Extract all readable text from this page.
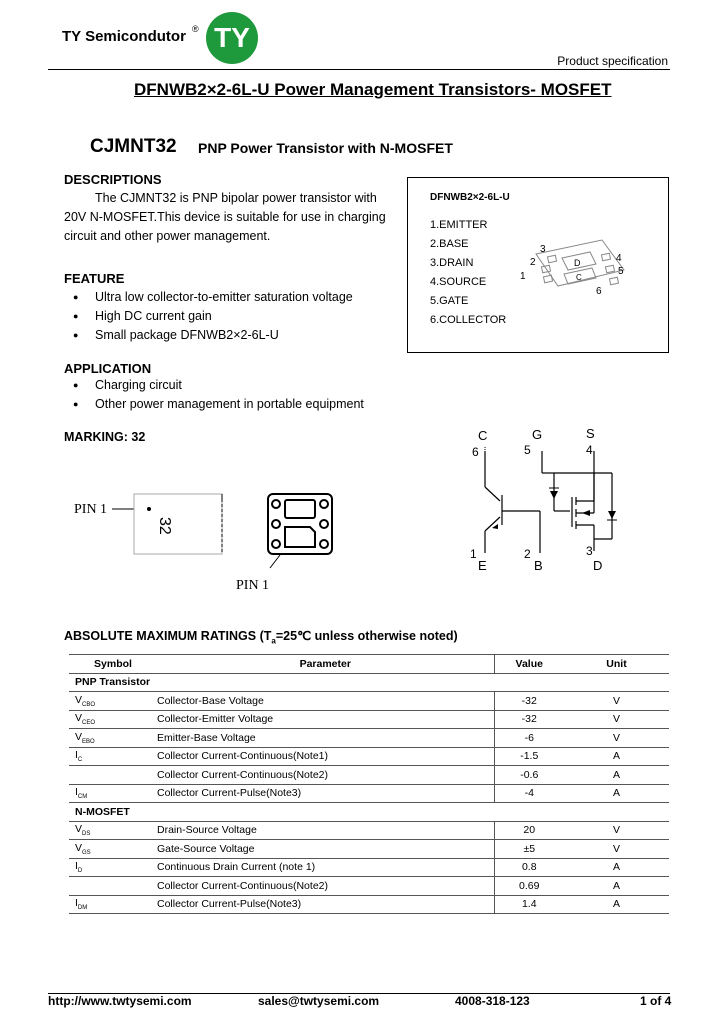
TY Semicondutor ® TY
Product specification
DFNWB2×2-6L-U Power Management Transistors- MOSFET
CJMNT32 PNP Power Transistor with N-MOSFET
DESCRIPTIONS
The CJMNT32 is PNP bipolar power transistor with
20V N-MOSFET.This device is suitable for use in charging
circuit and other power management.
FEATURE
● Ultra low collector-to-emitter saturation voltage
● High DC current gain
● Small package DFNWB2×2-6L-U
APPLICATION
● Charging circuit
● Other power management in portable equipment
DFNWB2×2-6L-U
1.EMITTER
2.BASE
3.DRAIN
4.SOURCE
5.GATE
6.COLLECTOR
D
C
3
4
2
5
1
6
MARKING: 32
PIN 1
32
PIN 1
C	G	S
E	B	D
6	5	4
1	2	3
ABSOLUTE MAXIMUM RATINGS ($T_a=25℃$ unless otherwise noted)
Symbol	Parameter	Value	Unit
PNP Transistor			
$V_{CBO}$	Collector-Base Voltage	-32	V
$V_{CEO}$	Collector-Emitter Voltage	-32	V
$V_{EBO}$	Emitter-Base Voltage	-6	V
$I_C$	Collector Current-Continuous(Note1)	-1.5	A
	Collector Current-Continuous(Note2)	-0.6	A
$I_{CM}$	Collector Current-Pulse(Note3)	-4	A
N-MOSFET			
$V_{DS}$	Drain-Source Voltage	20	V
$V_{GS}$	Gate-Source Voltage	±5	V
$I_D$	Continuous Drain Current (note 1)	0.8	A
	Collector Current-Continuous(Note2)	0.69	A
$I_{DM}$	Collector Current-Pulse(Note3)	1.4	A
http://www.twtysemi.com	sales@twtysemi.com	4008-318-123	1 of 4
